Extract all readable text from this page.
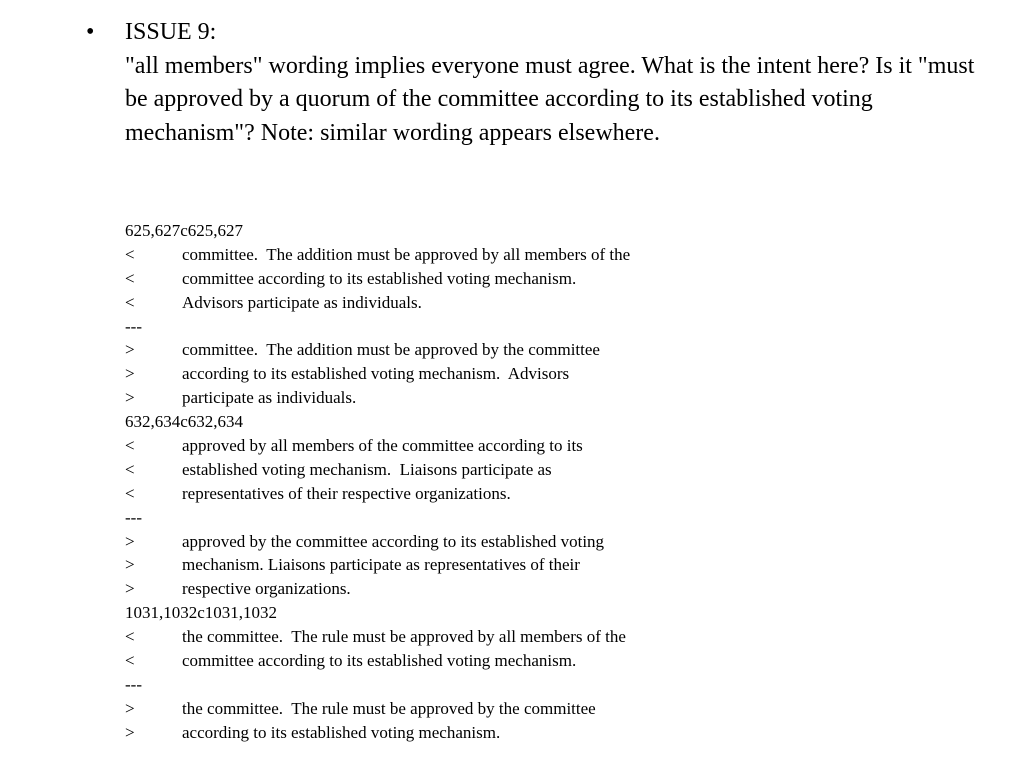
• ISSUE 9:
"all members" wording implies everyone must agree. What is the intent here? Is it "must be approved by a quorum of the committee according to its established voting mechanism"? Note: similar wording appears elsewhere.
625,627c625,627
<	committee.  The addition must be approved by all members of the
<	committee according to its established voting mechanism.
<	Advisors participate as individuals.
---
>	committee.  The addition must be approved by the committee
>	according to its established voting mechanism.  Advisors
>	participate as individuals.
632,634c632,634
<	approved by all members of the committee according to its
<	established voting mechanism.  Liaisons participate as
<	representatives of their respective organizations.
---
>	approved by the committee according to its established voting
>	mechanism. Liaisons participate as representatives of their
>	respective organizations.
1031,1032c1031,1032
<	the committee.  The rule must be approved by all members of the
<	committee according to its established voting mechanism.
---
>	the committee.  The rule must be approved by the committee
>	according to its established voting mechanism.
